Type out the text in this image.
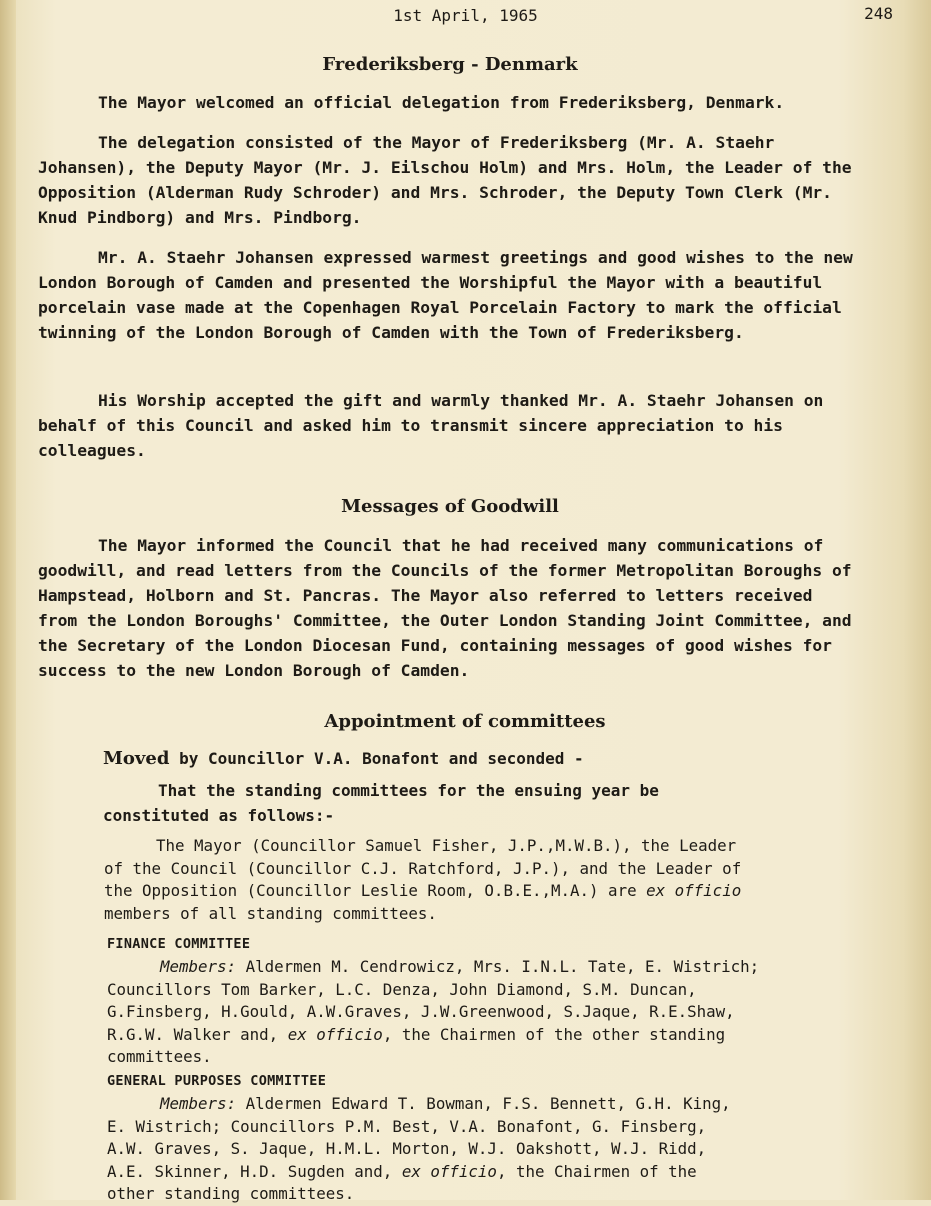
1st April, 1965	248
Frederiksberg - Denmark
The Mayor welcomed an official delegation from Frederiksberg, Denmark.
The delegation consisted of the Mayor of Frederiksberg (Mr. A. Staehr Johansen), the Deputy Mayor (Mr. J. Eilschou Holm) and Mrs. Holm, the Leader of the Opposition (Alderman Rudy Schroder) and Mrs. Schroder, the Deputy Town Clerk (Mr. Knud Pindborg) and Mrs. Pindborg.
Mr. A. Staehr Johansen expressed warmest greetings and good wishes to the new London Borough of Camden and presented the Worshipful the Mayor with a beautiful porcelain vase made at the Copenhagen Royal Porcelain Factory to mark the official twinning of the London Borough of Camden with the Town of Frederiksberg.
His Worship accepted the gift and warmly thanked Mr. A. Staehr Johansen on behalf of this Council and asked him to transmit sincere appreciation to his colleagues.
Messages of Goodwill
The Mayor informed the Council that he had received many communications of goodwill, and read letters from the Councils of the former Metropolitan Boroughs of Hampstead, Holborn and St. Pancras. The Mayor also referred to letters received from the London Boroughs' Committee, the Outer London Standing Joint Committee, and the Secretary of the London Diocesan Fund, containing messages of good wishes for success to the new London Borough of Camden.
Appointment of committees
Moved by Councillor V.A. Bonafont and seconded -
That the standing committees for the ensuing year be
constituted as follows:-
The Mayor (Councillor Samuel Fisher, J.P.,M.W.B.), the Leader
of the Council (Councillor C.J. Ratchford, J.P.), and the Leader of
the Opposition (Councillor Leslie Room, O.B.E.,M.A.) are ex officio
members of all standing committees.
FINANCE COMMITTEE
Members: Aldermen M. Cendrowicz, Mrs. I.N.L. Tate, E. Wistrich;
Councillors Tom Barker, L.C. Denza, John Diamond, S.M. Duncan,
G.Finsberg, H.Gould, A.W.Graves, J.W.Greenwood, S.Jaque, R.E.Shaw,
R.G.W. Walker and, ex officio, the Chairmen of the other standing
committees.
GENERAL PURPOSES COMMITTEE
Members: Aldermen Edward T. Bowman, F.S. Bennett, G.H. King,
E. Wistrich; Councillors P.M. Best, V.A. Bonafont, G. Finsberg,
A.W. Graves, S. Jaque, H.M.L. Morton, W.J. Oakshott, W.J. Ridd,
A.E. Skinner, H.D. Sugden and, ex officio, the Chairmen of the
other standing committees.
